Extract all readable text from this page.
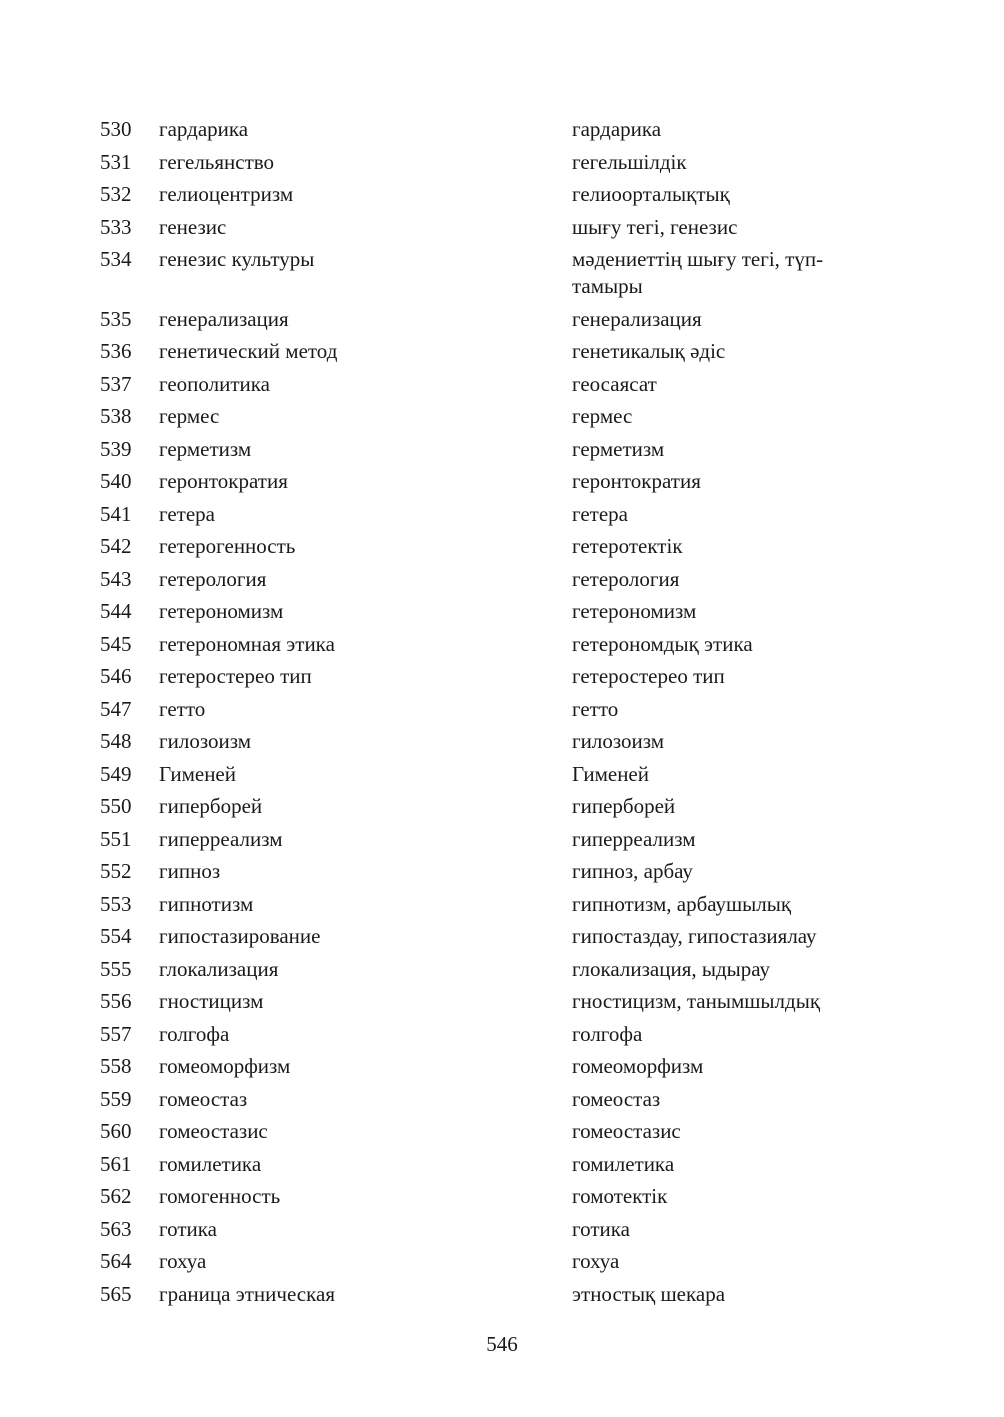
530	гардарика	гардарика
531	гегельянство	гегельшілдік
532	гелиоцентризм	гелиоорталықтық
533	генезис	шығу тегі, генезис
534	генезис культуры	мәдениеттің шығу тегі, түп-тамыры
535	генерализация	генерализация
536	генетический метод	генетикалық әдіс
537	геополитика	геосаясат
538	гермес	гермес
539	герметизм	герметизм
540	геронтократия	геронтократия
541	гетера	гетера
542	гетерогенность	гетеротектік
543	гетерология	гетерология
544	гетерономизм	гетерономизм
545	гетерономная этика	гетерономдық этика
546	гетеростерео тип	гетеростерео тип
547	гетто	гетто
548	гилозоизм	гилозоизм
549	Гименей	Гименей
550	гиперборей	гиперборей
551	гиперреализм	гиперреализм
552	гипноз	гипноз, арбау
553	гипнотизм	гипнотизм, арбаушылық
554	гипостазирование	гипостаздау, гипостазиялау
555	глокализация	глокализация, ыдырау
556	гностицизм	гностицизм, танымшылдық
557	голгофа	голгофа
558	гомеоморфизм	гомеоморфизм
559	гомеостаз	гомеостаз
560	гомеостазис	гомеостазис
561	гомилетика	гомилетика
562	гомогенность	гомотектік
563	готика	готика
564	гохуа	гохуа
565	граница этническая	этностық шекара
546
